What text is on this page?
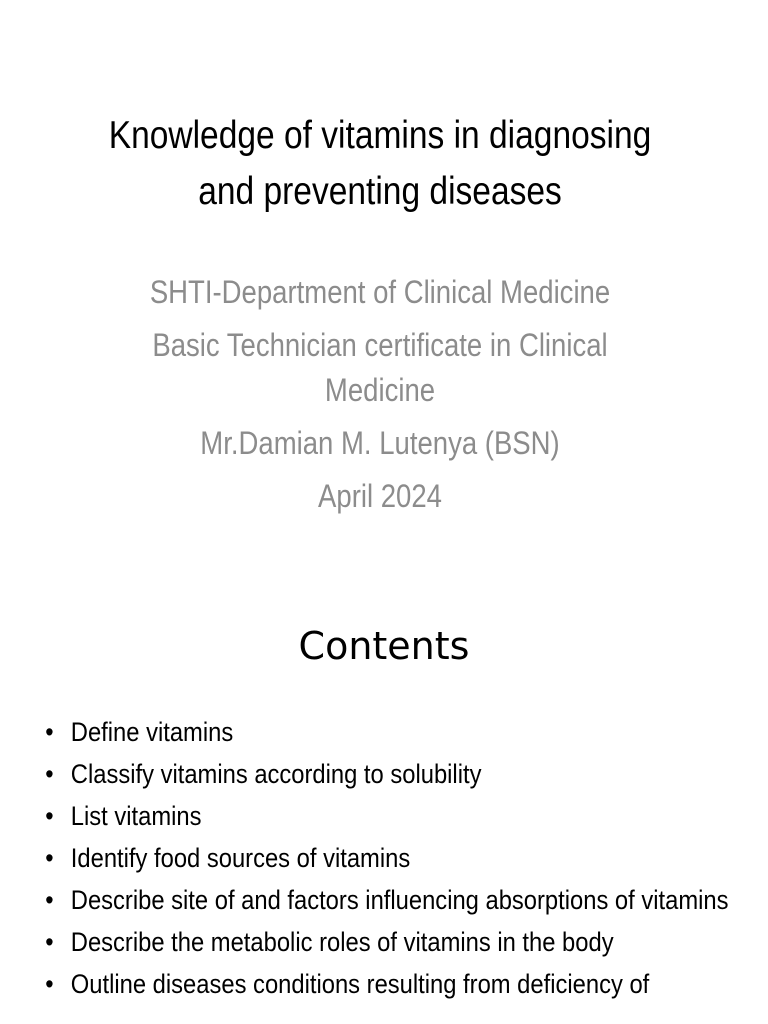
Knowledge of vitamins in diagnosing
and preventing diseases
SHTI-Department of Clinical Medicine
Basic Technician certificate in Clinical Medicine
Mr.Damian M. Lutenya (BSN)
April 2024
Contents
• Define vitamins
• Classify vitamins according to solubility
• List vitamins
• Identify food sources of vitamins
• Describe site of and factors influencing absorptions of vitamins
• Describe the metabolic roles of vitamins in the body
• Outline diseases conditions resulting from deficiency of
